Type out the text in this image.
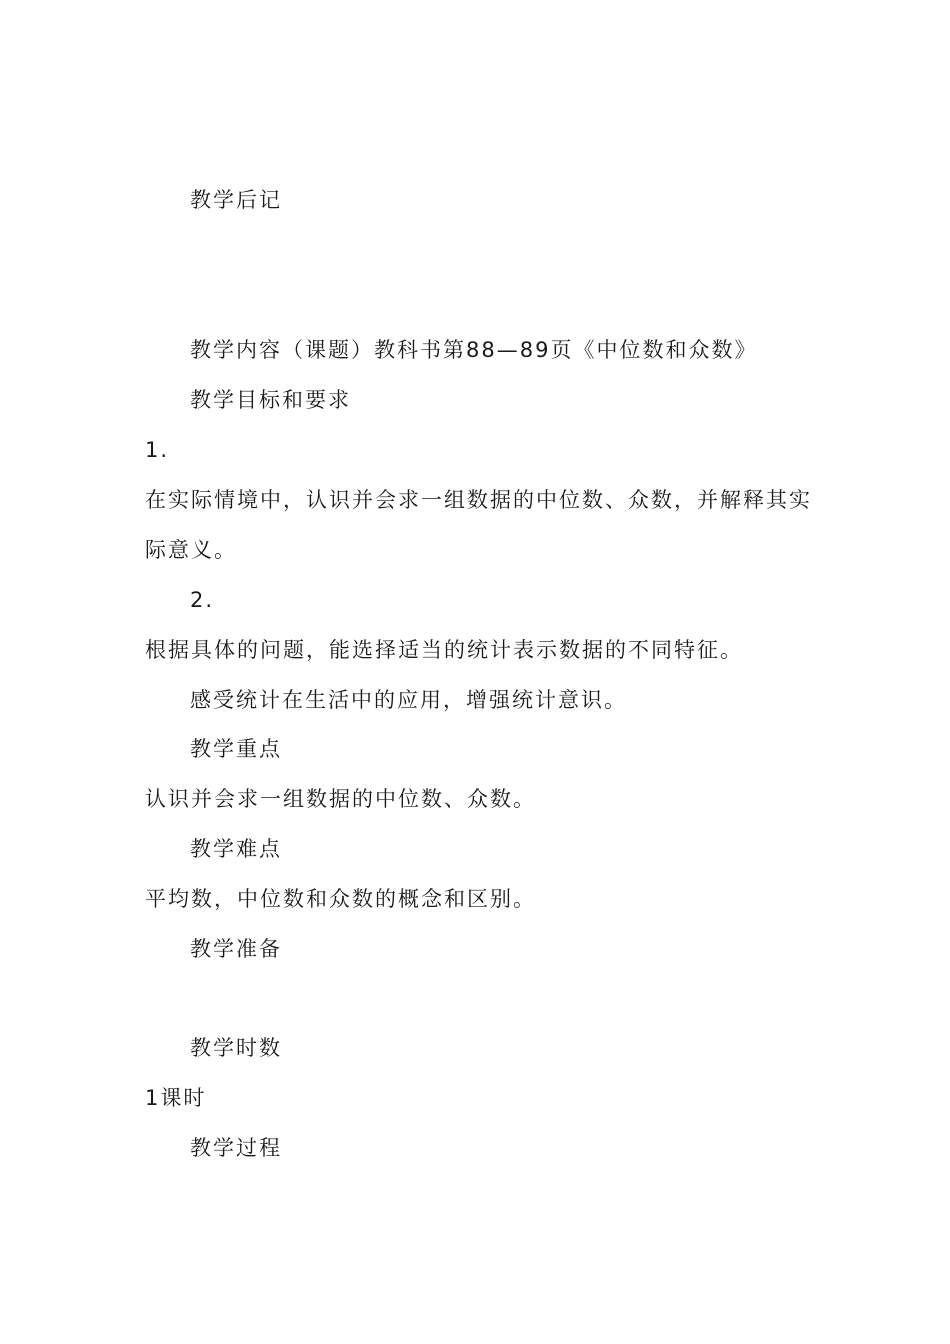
教学后记
教学内容（课题）教科书第88—89页《中位数和众数》
教学目标和要求
1.
在实际情境中，认识并会求一组数据的中位数、众数，并解释其实
际意义。
2.
根据具体的问题，能选择适当的统计表示数据的不同特征。
感受统计在生活中的应用，增强统计意识。
教学重点
认识并会求一组数据的中位数、众数。
教学难点
平均数，中位数和众数的概念和区别。
教学准备
教学时数
1课时
教学过程
